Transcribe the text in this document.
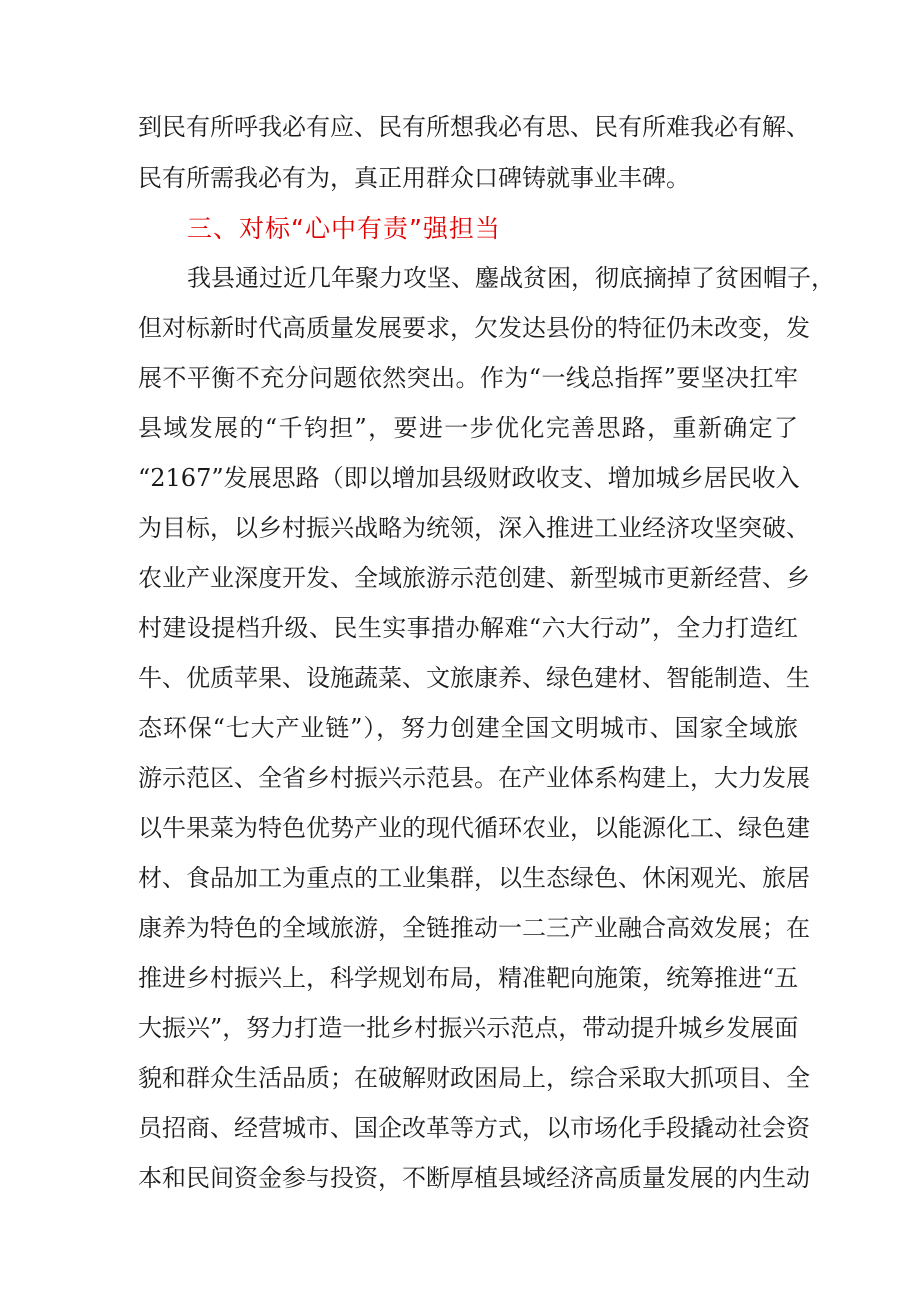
到民有所呼我必有应、民有所想我必有思、民有所难我必有解、
民有所需我必有为，真正用群众口碑铸就事业丰碑。
三、对标“心中有责”强担当
我县通过近几年聚力攻坚、鏖战贫困，彻底摘掉了贫困帽子，
但对标新时代高质量发展要求，欠发达县份的特征仍未改变，发
展不平衡不充分问题依然突出。作为“一线总指挥”要坚决扛牢
县域发展的“千钧担”，要进一步优化完善思路，重新确定了
“2167”发展思路（即以增加县级财政收支、增加城乡居民收入
为目标，以乡村振兴战略为统领，深入推进工业经济攻坚突破、
农业产业深度开发、全域旅游示范创建、新型城市更新经营、乡
村建设提档升级、民生实事措办解难“六大行动”，全力打造红
牛、优质苹果、设施蔬菜、文旅康养、绿色建材、智能制造、生
态环保“七大产业链”），努力创建全国文明城市、国家全域旅
游示范区、全省乡村振兴示范县。在产业体系构建上，大力发展
以牛果菜为特色优势产业的现代循环农业，以能源化工、绿色建
材、食品加工为重点的工业集群，以生态绿色、休闲观光、旅居
康养为特色的全域旅游，全链推动一二三产业融合高效发展；在
推进乡村振兴上，科学规划布局，精准靶向施策，统筹推进“五
大振兴”，努力打造一批乡村振兴示范点，带动提升城乡发展面
貌和群众生活品质；在破解财政困局上，综合采取大抓项目、全
员招商、经营城市、国企改革等方式，以市场化手段撬动社会资
本和民间资金参与投资，不断厚植县域经济高质量发展的内生动
